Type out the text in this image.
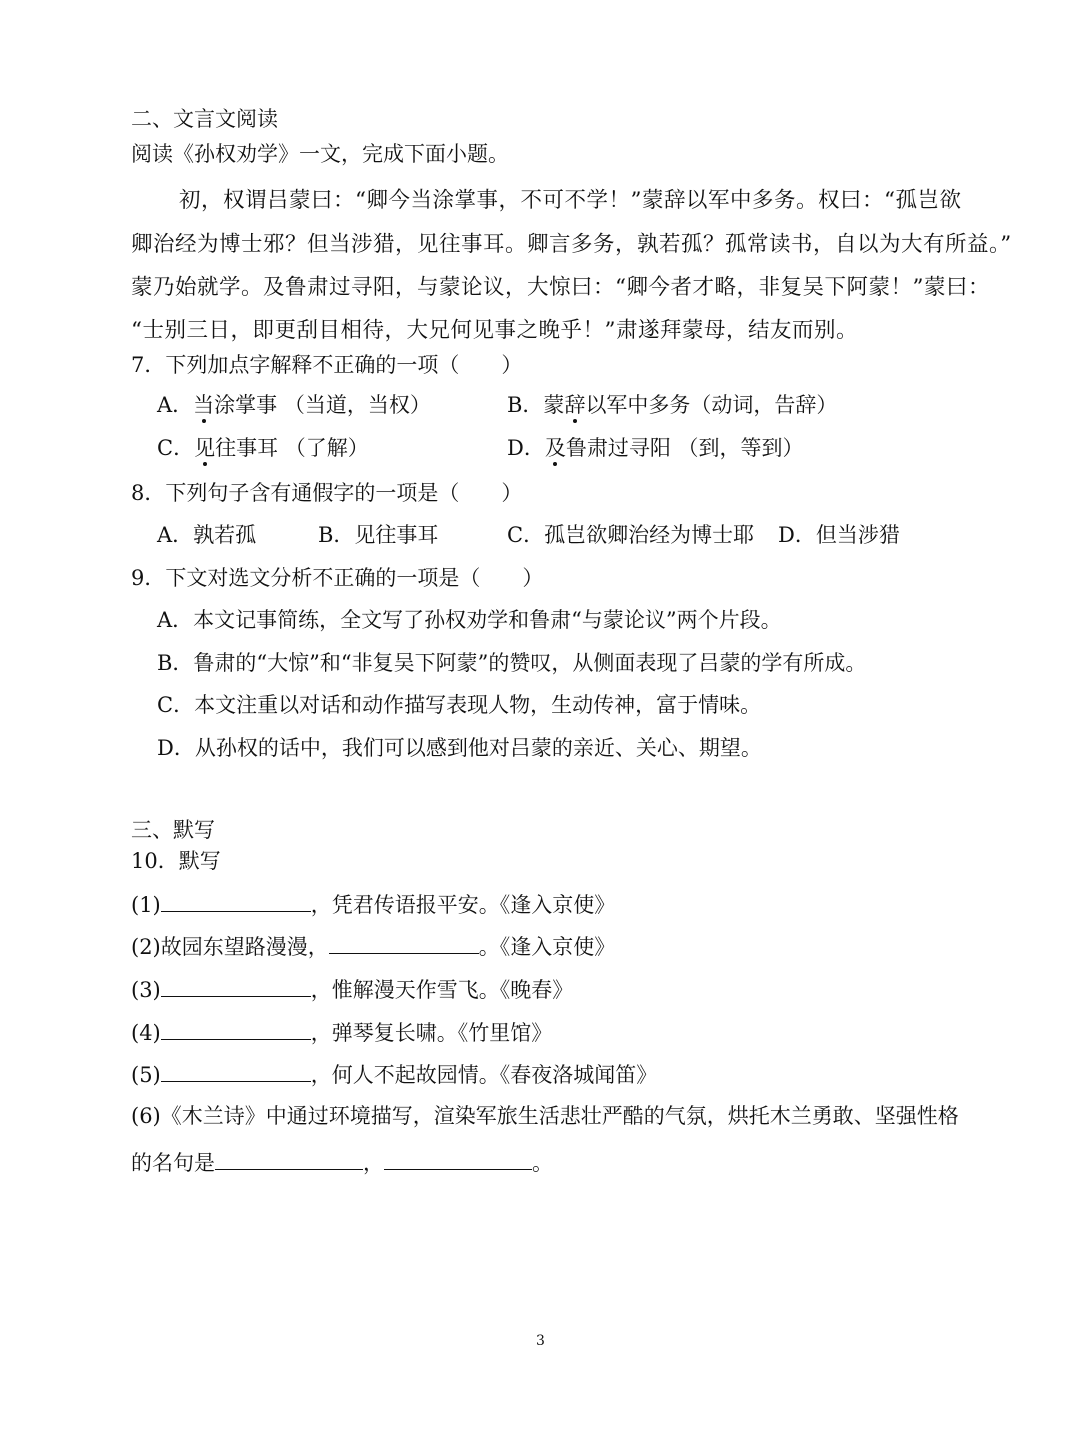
二、文言文阅读
阅读《孙权劝学》一文，完成下面小题。
初，权谓吕蒙曰：“卿今当涂掌事，不可不学！”蒙辞以军中多务。权曰：“孤岂欲
卿治经为博士邪？但当涉猎，见往事耳。卿言多务，孰若孤？孤常读书，自以为大有所益。”
蒙乃始就学。及鲁肃过寻阳，与蒙论议，大惊曰：“卿今者才略，非复吴下阿蒙！”蒙曰：
“士别三日，即更刮目相待，大兄何见事之晚乎！”肃遂拜蒙母，结友而别。
7．下列加点字解释不正确的一项（　　）
A．当涂掌事 （当道，当权）	B．蒙辞以军中多务（动词，告辞）
C．见往事耳 （了解）	D．及鲁肃过寻阳 （到，等到）
8．下列句子含有通假字的一项是（　　）
A．孰若孤	B．见往事耳	C．孤岂欲卿治经为博士耶 D．但当涉猎
9．下文对选文分析不正确的一项是（　　）
A．本文记事简练，全文写了孙权劝学和鲁肃“与蒙论议”两个片段。
B．鲁肃的“大惊”和“非复吴下阿蒙”的赞叹，从侧面表现了吕蒙的学有所成。
C．本文注重以对话和动作描写表现人物，生动传神，富于情味。
D．从孙权的话中，我们可以感到他对吕蒙的亲近、关心、期望。
三、默写
10．默写
(1)	，凭君传语报平安。《逢入京使》
(2)故园东望路漫漫，	。《逢入京使》
(3)	，惟解漫天作雪飞。《晚春》
(4)	，弹琴复长啸。《竹里馆》
(5)	，何人不起故园情。《春夜洛城闻笛》
(6)《木兰诗》中通过环境描写，渲染军旅生活悲壮严酷的气氛，烘托木兰勇敢、坚强性格
的名句是	，	。
3
